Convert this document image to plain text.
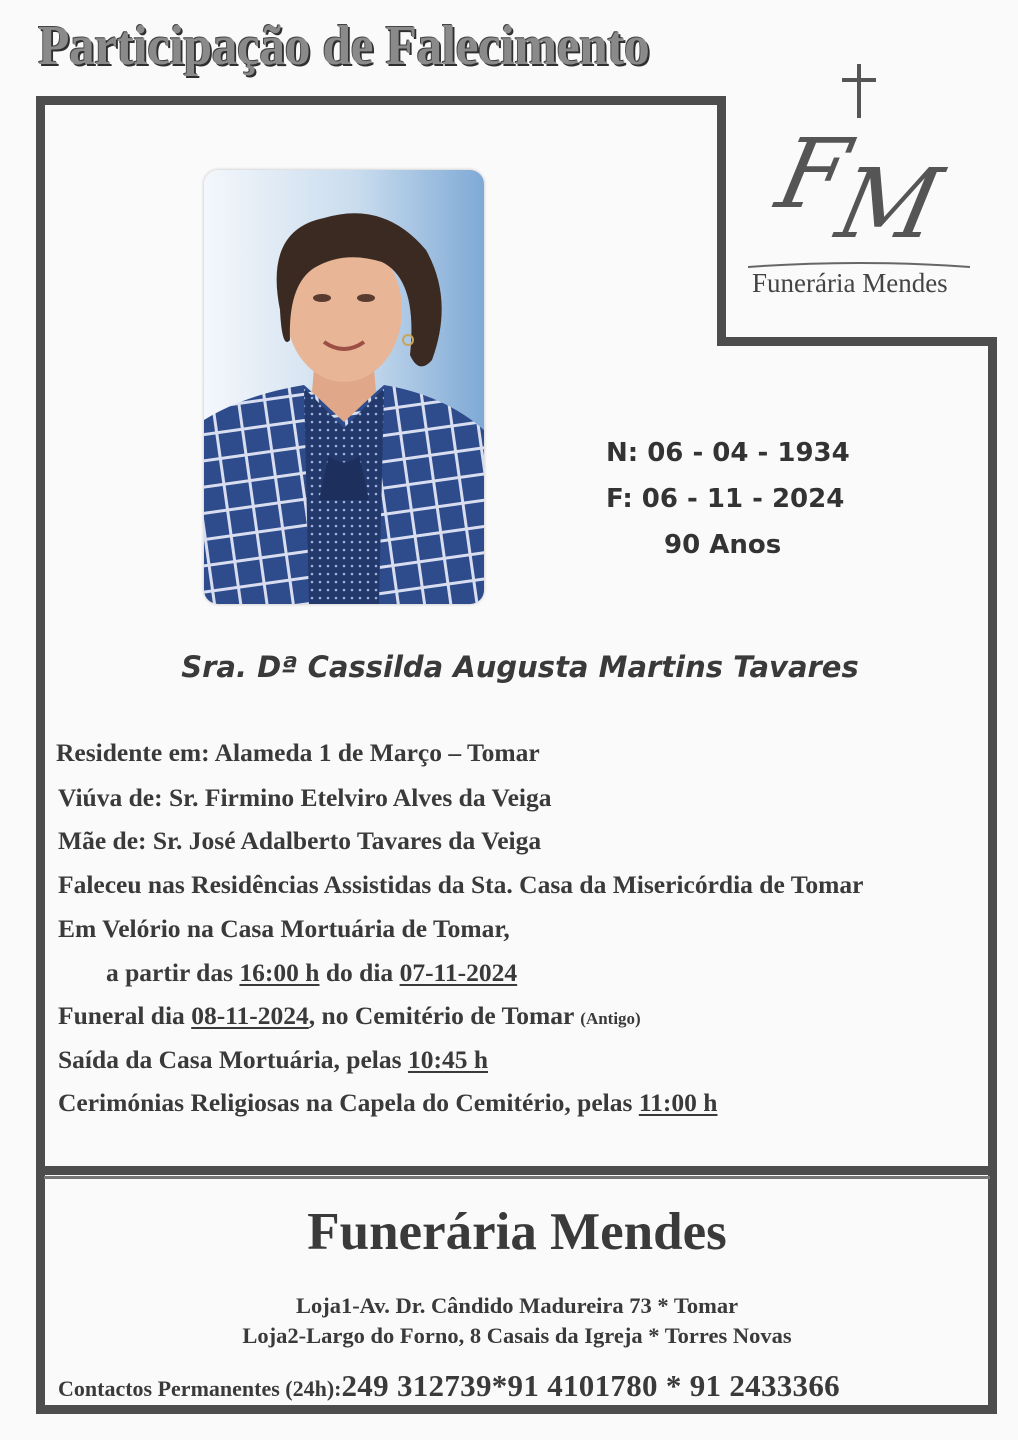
Participação de Falecimento
F
M
Funerária Mendes
N: 06 - 04 - 1934
F: 06 - 11 - 2024
90 Anos
Sra. Dª Cassilda Augusta Martins Tavares
Residente em: Alameda 1 de Março – Tomar
Viúva de: Sr. Firmino Etelviro Alves da Veiga
Mãe de: Sr. José Adalberto Tavares da Veiga
Faleceu nas Residências Assistidas da Sta. Casa da Misericórdia de Tomar
Em Velório na Casa Mortuária de Tomar,
a partir das 16:00 h do dia 07-11-2024
Funeral dia 08-11-2024, no Cemitério de Tomar (Antigo)
Saída da Casa Mortuária, pelas 10:45 h
Cerimónias Religiosas na Capela do Cemitério, pelas 11:00 h
Funerária Mendes
Loja1-Av. Dr. Cândido Madureira 73 * Tomar
Loja2-Largo do Forno, 8 Casais da Igreja * Torres Novas
Contactos Permanentes (24h):249 312739*91 4101780 * 91 2433366
